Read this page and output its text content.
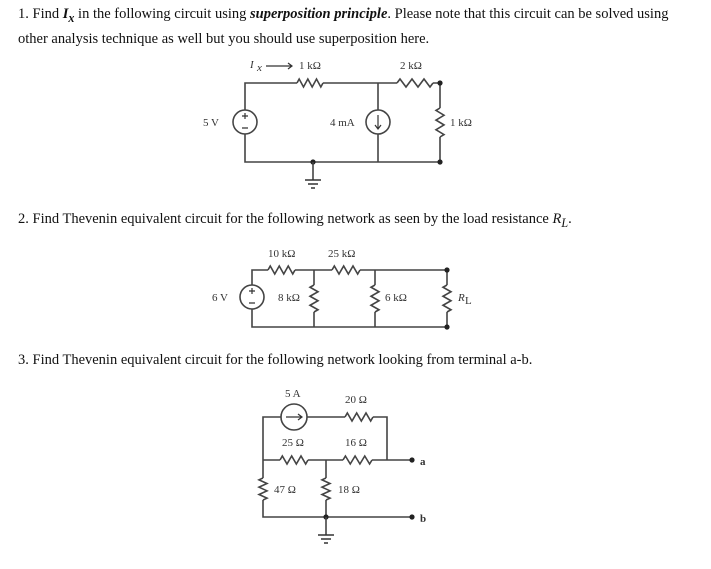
1. Find $I_x$ in the following circuit using superposition principle. Please note that this circuit can be solved using other analysis technique as well but you should use superposition here.
2. Find Thevenin equivalent circuit for the following network as seen by the load resistance $R_L$.
3. Find Thevenin equivalent circuit for the following network looking from terminal a-b.
I x	1 kΩ	2 kΩ
1 kΩ
5 V	4 mA
10 kΩ	25 kΩ
8 kΩ	6 kΩ	R L
6 V
5 A	20 Ω
25 Ω	16 Ω
47 Ω	18 Ω
a
b
